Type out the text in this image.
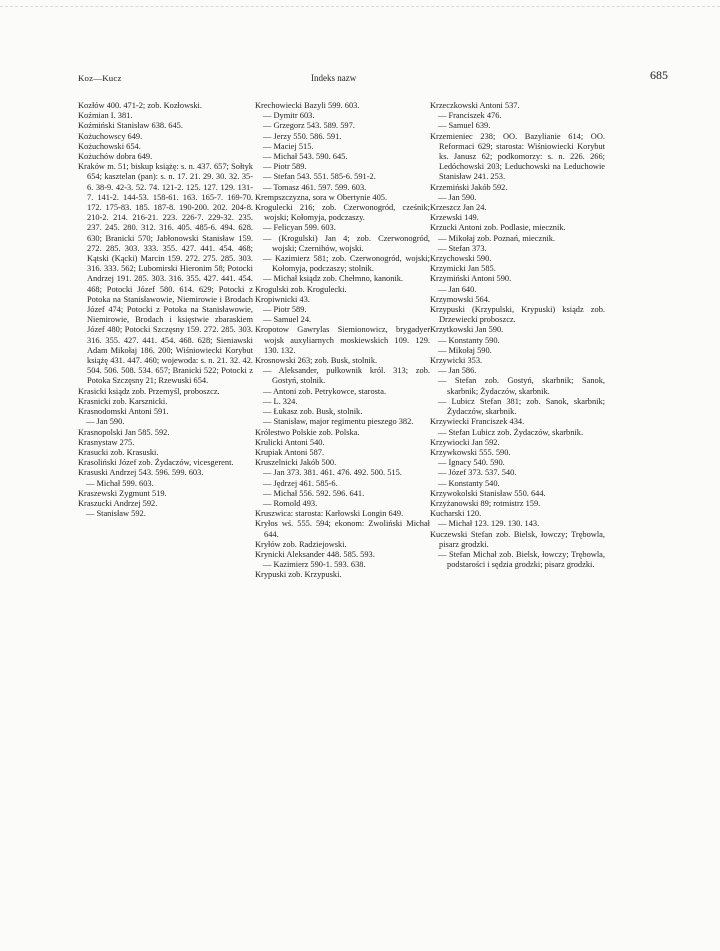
Koz—Kucz	Indeks nazw	685

Kozłów 400. 471-2; zob. Kozłowski.

Koźmian I. 381.

Koźmiński Stanisław 638. 645.

Kożuchowscy 649.

Kożuchowski 654.

Kożuchów dobra 649.

Kraków m. 51; biskup książę: s. n. 437. 657; Sołtyk 654; kasztelan (pan): s. n. 17. 21. 29. 30. 32. 35-6. 38-9. 42-3. 52. 74. 121-2. 125. 127. 129. 131-7. 141-2. 144-53. 158-61. 163. 165-7. 169-70. 172. 175-83. 185. 187-8. 190-200. 202. 204-8. 210-2. 214. 216-21. 223. 226-7. 229-32. 235. 237. 245. 280. 312. 316. 405. 485-6. 494. 628. 630; Branicki 570; Jabłonowski Stanisław 159. 272. 285. 303. 333. 355. 427. 441. 454. 468; Kątski (Kącki) Marcin 159. 272. 275. 285. 303. 316. 333. 562; Lubomirski Hieronim 58; Potocki Andrzej 191. 285. 303. 316. 355. 427. 441. 454. 468; Potocki Józef 580. 614. 629; Potocki z Potoka na Stanisławowie, Niemirowie i Brodach Józef 474; Potocki z Potoka na Stanisławowie, Niemirowie, Brodach i księstwie zbaraskiem Józef 480; Potocki Szczęsny 159. 272. 285. 303. 316. 355. 427. 441. 454. 468. 628; Sieniawski Adam Mikołaj 186. 200; Wiśniowiecki Korybut książę 431. 447. 460; wojewoda: s. n. 21. 32. 42. 504. 506. 508. 534. 657; Branicki 522; Potocki z Potoka Szczęsny 21; Rzewuski 654.

Krasicki ksiądz zob. Przemyśl, proboszcz.

Krasnicki zob. Karsznicki.

Krasnodomski Antoni 591.

— Jan 590.

Krasnopolski Jan 585. 592.

Krasnystaw 275.

Krasucki zob. Krasuski.

Krasoliński Józef zob. Żydaczów, vicesgerent.

Krasuski Andrzej 543. 596. 599. 603.

— Michał 599. 603.

Kraszewski Zygmunt 519.

Kraszucki Andrzej 592.

— Stanisław 592.

Krechowiecki Bazyli 599. 603.

— Dymitr 603.

— Grzegorz 543. 589. 597.

— Jerzy 550. 586. 591.

— Maciej 515.

— Michał 543. 590. 645.

— Piotr 589.

— Stefan 543. 551. 585-6. 591-2.

— Tomasz 461. 597. 599. 603.

Krempszczyzna, sora w Obertynie 405.

Krogulecki 216; zob. Czerwonogród, cześnik; wojski; Kołomyja, podczaszy.

— Felicyan 599. 603.

— (Krogulski) Jan 4; zob. Czerwonogród, wojski; Czernihów, wojski.

— Kazimierz 581; zob. Czerwonogród, wojski; Kołomyja, podczaszy; stolnik.

— Michał ksiądz zob. Chełmno, kanonik.

Krogulski zob. Krogulecki.

Kropiwnicki 43.

— Piotr 589.

— Samuel 24.

Kropotow Gawrylas Siemionowicz, brygadyer wojsk auxyliarnych moskiewskich 109. 129. 130. 132.

Krosnowski 263; zob. Busk, stolnik.

— Aleksander, pułkownik król. 313; zob. Gostyń, stolnik.

— Antoni zob. Petrykowce, starosta.

— L. 324.

— Łukasz zob. Busk, stolnik.

— Stanisław, major regimentu pieszego 382.

Królestwo Polskie zob. Polska.

Krulicki Antoni 540.

Krupiak Antoni 587.

Kruszelnicki Jakób 500.

— Jan 373. 381. 461. 476. 492. 500. 515.

— Jędrzej 461. 585-6.

— Michał 556. 592. 596. 641.

— Romold 493.

Kruszwica: starosta: Karłowski Longin 649.

Kryłos wś. 555. 594; ekonom: Zwoliński Michał 644.

Kryłów zob. Radziejowski.

Krynicki Aleksander 448. 585. 593.

— Kazimierz 590-1. 593. 638.

Krypuski zob. Krzypuski.

Krzeczkowski Antoni 537.

— Franciszek 476.

— Samuel 639.

Krzemieniec 238; OO. Bazylianie 614; OO. Reformaci 629; starosta: Wiśniowiecki Korybut ks. Janusz 62; podkomorzy: s. n. 226. 266; Ledóchowski 203; Leduchowski na Leduchowie Stanisław 241. 253.

Krzemiński Jakób 592.

— Jan 590.

Krzeszcz Jan 24.

Krzewski 149.

Krzucki Antoni zob. Podlasie, miecznik.

— Mikołaj zob. Poznań, miecznik.

— Stefan 373.

Krzychowski 590.

Krzymicki Jan 585.

Krzymiński Antoni 590.

— Jan 640.

Krzymowski 564.

Krzypuski (Krzypulski, Krypuski) ksiądz zob. Drzewiecki proboszcz.

Krzytkowski Jan 590.

— Konstanty 590.

— Mikołaj 590.

Krzywicki 353.

— Jan 586.

— Stefan zob. Gostyń, skarbnik; Sanok, skarbnik; Żydaczów, skarbnik.

— Lubicz Stefan 381; zob. Sanok, skarbnik; Żydaczów, skarbnik.

Krzywiecki Franciszek 434.

— Stefan Lubicz zob. Żydaczów, skarbnik.

Krzywiocki Jan 592.

Krzywkowski 555. 590.

— Ignacy 540. 590.

— Józef 373. 537. 540.

— Konstanty 540.

Krzywokolski Stanisław 550. 644.

Krzyżanowski 89; rotmistrz 159.

Kucharski 120.

— Michał 123. 129. 130. 143.

Kuczewski Stefan zob. Bielsk, łowczy; Trębowla, pisarz grodzki.

— Stefan Michał zob. Bielsk, łowczy; Trębowla, podstarości i sędzia grodzki; pisarz grodzki.
